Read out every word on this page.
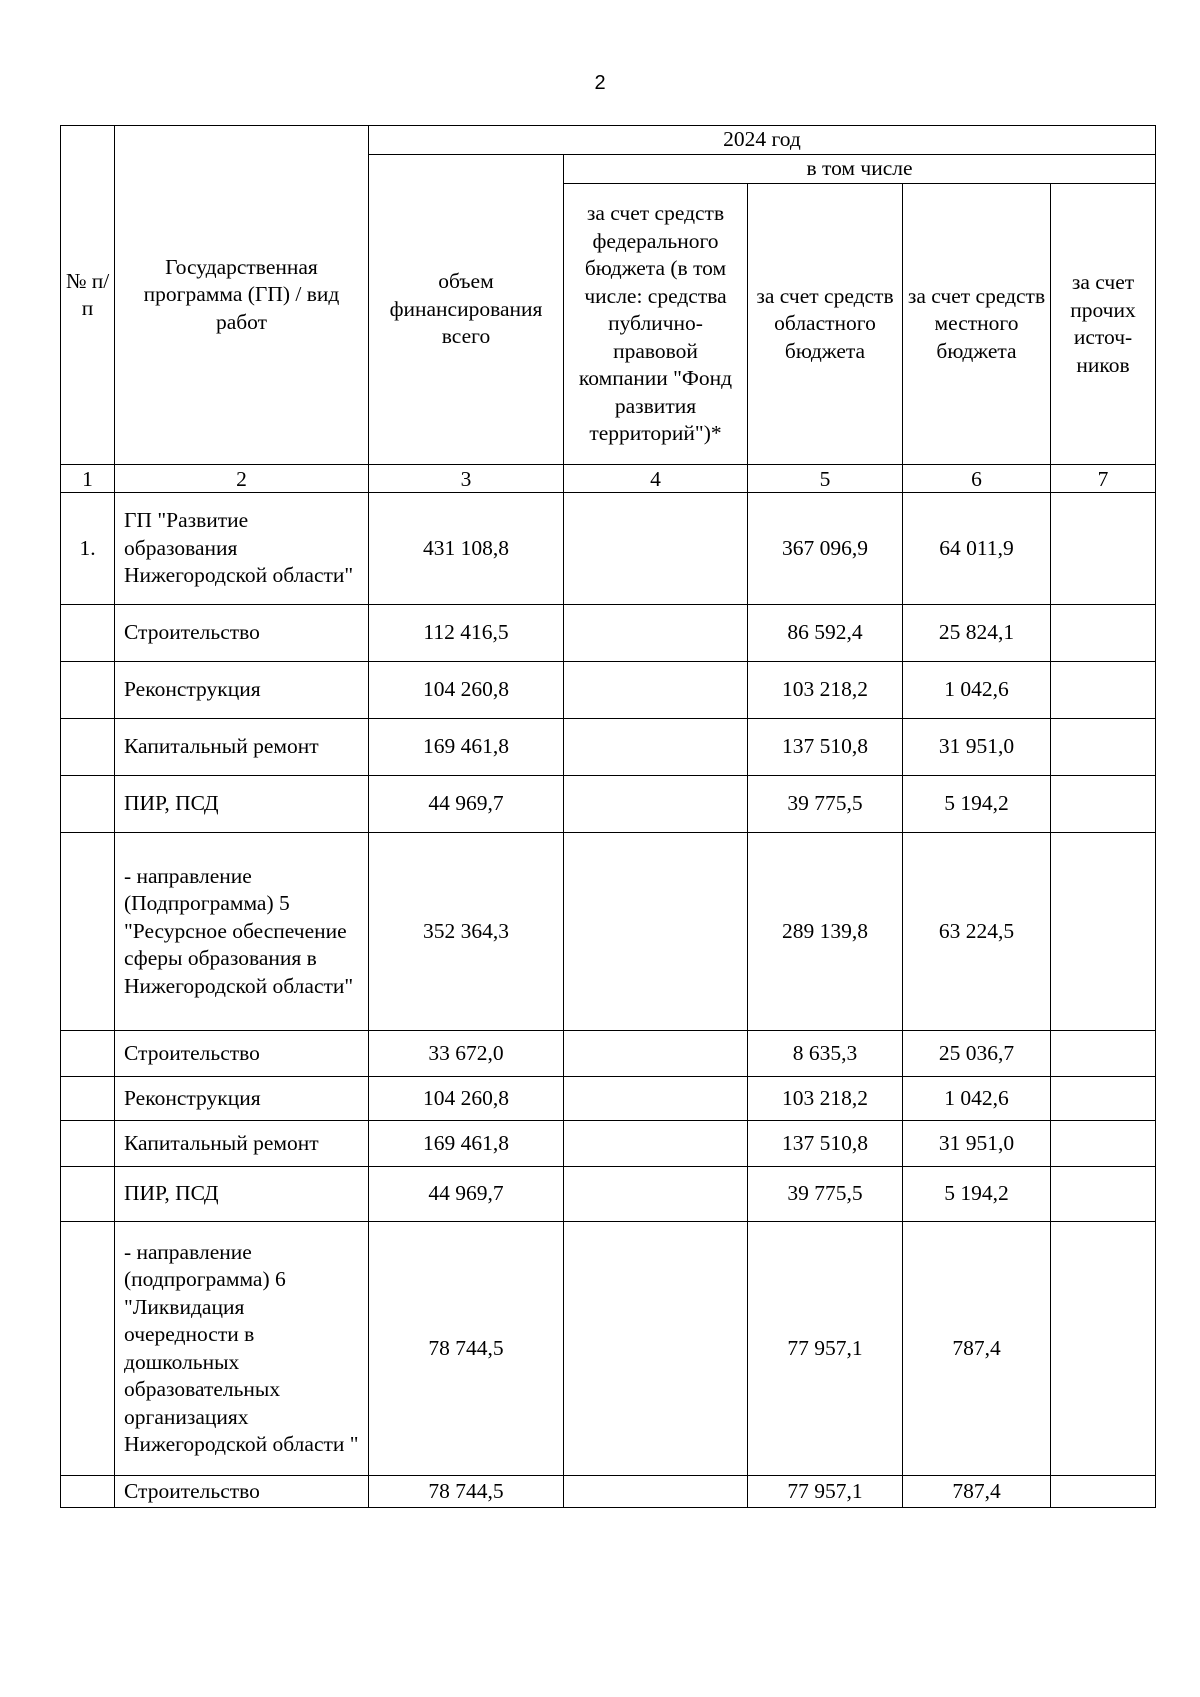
2
№ п/п	Государственная программа (ГП) / вид работ	2024 год				
		объем финансирования всего	в том числе			
			за счет средств федерального бюджета (в том числе: средства публично-правовой компании "Фонд развития территорий")*	за счет средств областного бюджета	за счет средств местного бюджета	за счет прочих источ-ников
1	2	3	4	5	6	7
1.	ГП "Развитие образования Нижегородской области"	431 108,8		367 096,9	64 011,9	
	Строительство	112 416,5		86 592,4	25 824,1	
	Реконструкция	104 260,8		103 218,2	1 042,6	
	Капитальный ремонт	169 461,8		137 510,8	31 951,0	
	ПИР, ПСД	44 969,7		39 775,5	5 194,2	
	- направление (Подпрограмма) 5 "Ресурсное обеспечение сферы образования в Нижегородской области"	352 364,3		289 139,8	63 224,5	
	Строительство	33 672,0		8 635,3	25 036,7	
	Реконструкция	104 260,8		103 218,2	1 042,6	
	Капитальный ремонт	169 461,8		137 510,8	31 951,0	
	ПИР, ПСД	44 969,7		39 775,5	5 194,2	
	- направление (подпрограмма) 6 "Ликвидация очередности в дошкольных образовательных организациях Нижегородской области "	78 744,5		77 957,1	787,4	
	Строительство	78 744,5		77 957,1	787,4	
